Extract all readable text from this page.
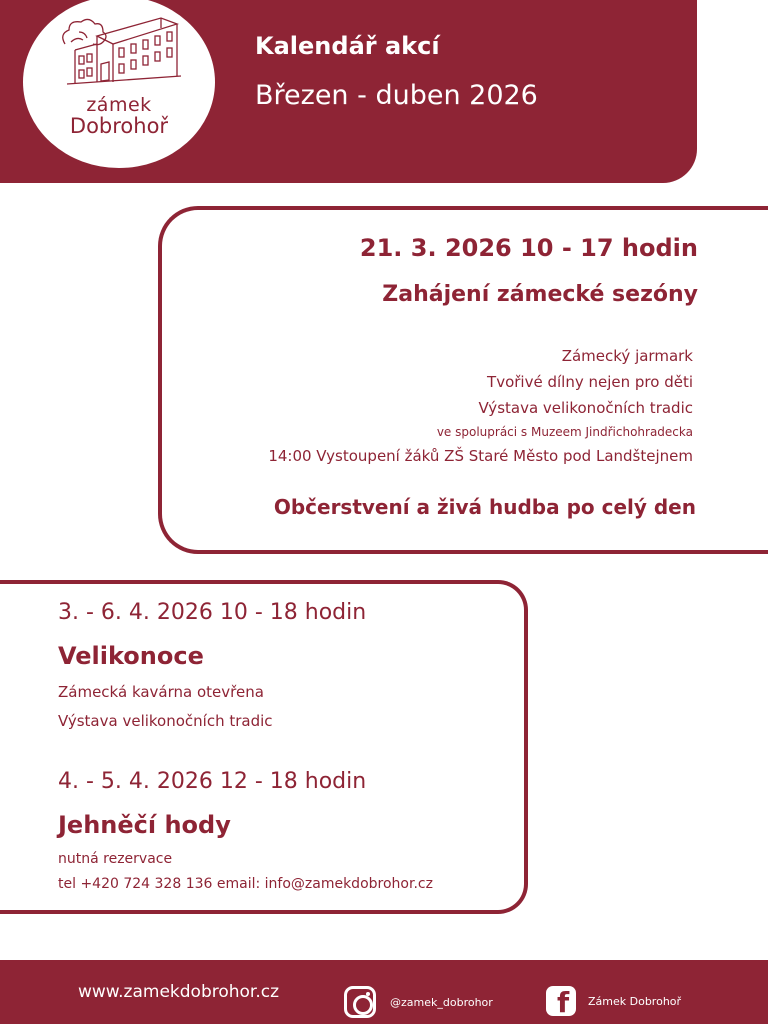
zámek
Dobrohoř
Kalendář akcí
Březen - duben 2026
21. 3. 2026 10 - 17 hodin
Zahájení zámecké sezóny
Zámecký jarmark
Tvořivé dílny nejen pro děti
Výstava velikonočních tradic
ve spolupráci s Muzeem Jindřichohradecka
14:00 Vystoupení žáků ZŠ Staré Město pod Landštejnem
Občerstvení a živá hudba po celý den
3. - 6. 4. 2026 10 - 18 hodin
Velikonoce
Zámecká kavárna otevřena
Výstava velikonočních tradic
4. - 5. 4. 2026 12 - 18 hodin
Jehněčí hody
nutná rezervace
tel +420 724 328 136 email: info@zamekdobrohor.cz
www.zamekdobrohor.cz
@zamek_dobrohor f Zámek Dobrohoř
